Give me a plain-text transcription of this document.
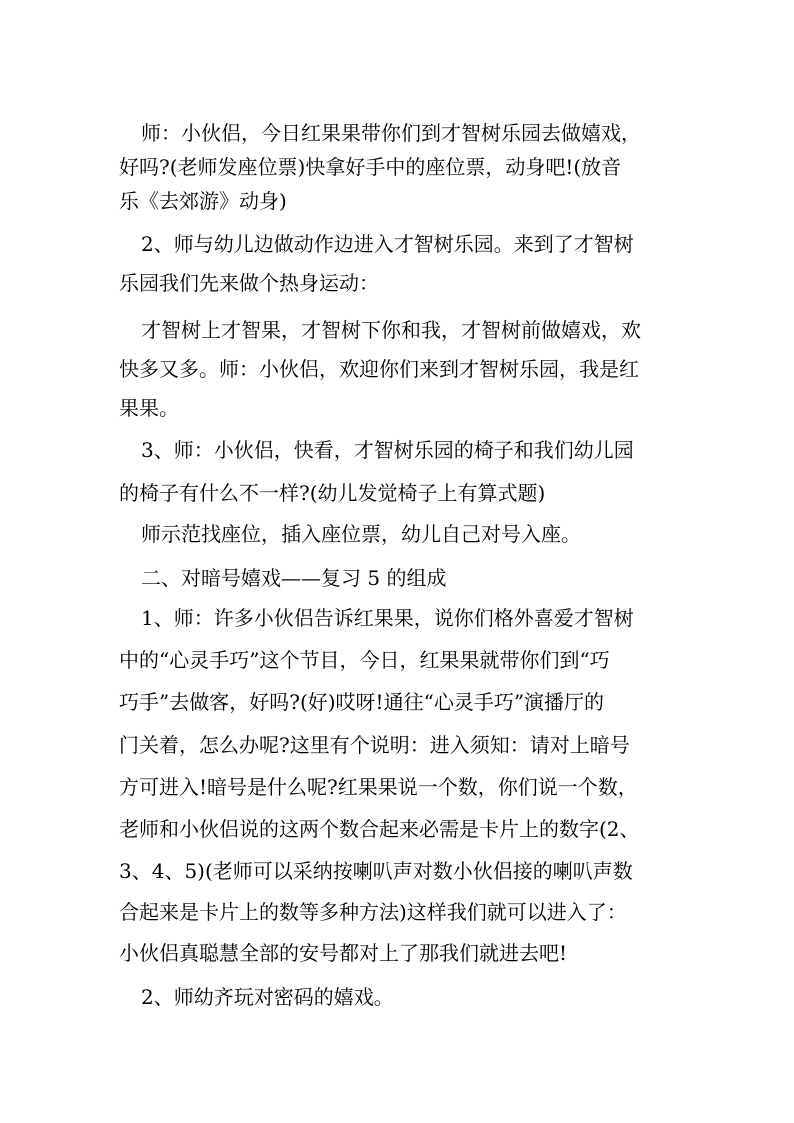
师：小伙侣，今日红果果带你们到才智树乐园去做嬉戏，

好吗?(老师发座位票)快拿好手中的座位票，动身吧!(放音

乐《去郊游》动身)

2、师与幼儿边做动作边进入才智树乐园。来到了才智树

乐园我们先来做个热身运动：

才智树上才智果，才智树下你和我，才智树前做嬉戏，欢

快多又多。师：小伙侣，欢迎你们来到才智树乐园，我是红

果果。

3、师：小伙侣，快看，才智树乐园的椅子和我们幼儿园

的椅子有什么不一样?(幼儿发觉椅子上有算式题)

师示范找座位，插入座位票，幼儿自己对号入座。

二、对暗号嬉戏——复习 5 的组成

1、师：许多小伙侣告诉红果果，说你们格外喜爱才智树

中的“心灵手巧”这个节目，今日，红果果就带你们到“巧

巧手”去做客，好吗?(好)哎呀!通往“心灵手巧”演播厅的

门关着，怎么办呢?这里有个说明：进入须知：请对上暗号

方可进入!暗号是什么呢?红果果说一个数，你们说一个数，

老师和小伙侣说的这两个数合起来必需是卡片上的数字(2、

3、4、5)(老师可以采纳按喇叭声对数小伙侣接的喇叭声数

合起来是卡片上的数等多种方法)这样我们就可以进入了：

小伙侣真聪慧全部的安号都对上了那我们就进去吧!

2、师幼齐玩对密码的嬉戏。
